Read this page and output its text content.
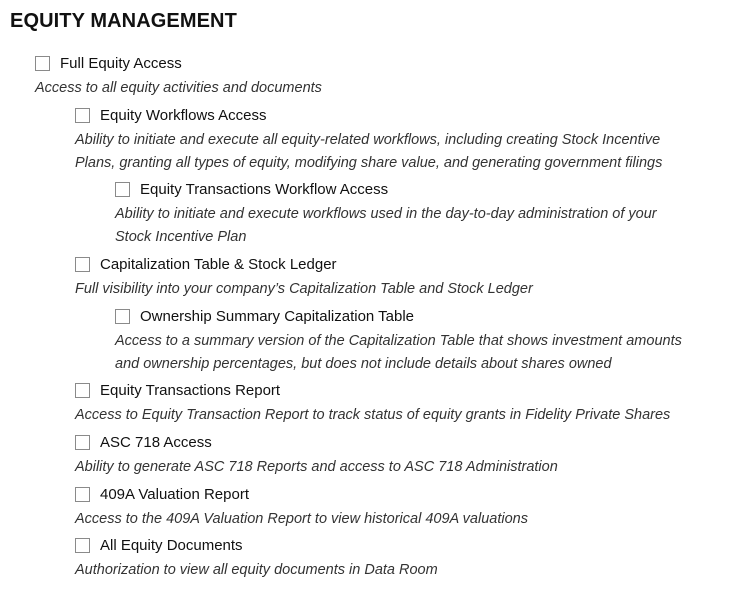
EQUITY MANAGEMENT
Full Equity Access
Access to all equity activities and documents
Equity Workflows Access
Ability to initiate and execute all equity-related workflows, including creating Stock Incentive
Plans, granting all types of equity, modifying share value, and generating government filings
Equity Transactions Workflow Access
Ability to initiate and execute workflows used in the day-to-day administration of your
Stock Incentive Plan
Capitalization Table & Stock Ledger
Full visibility into your company’s Capitalization Table and Stock Ledger
Ownership Summary Capitalization Table
Access to a summary version of the Capitalization Table that shows investment amounts
and ownership percentages, but does not include details about shares owned
Equity Transactions Report
Access to Equity Transaction Report to track status of equity grants in Fidelity Private Shares
ASC 718 Access
Ability to generate ASC 718 Reports and access to ASC 718 Administration
409A Valuation Report
Access to the 409A Valuation Report to view historical 409A valuations
All Equity Documents
Authorization to view all equity documents in Data Room
